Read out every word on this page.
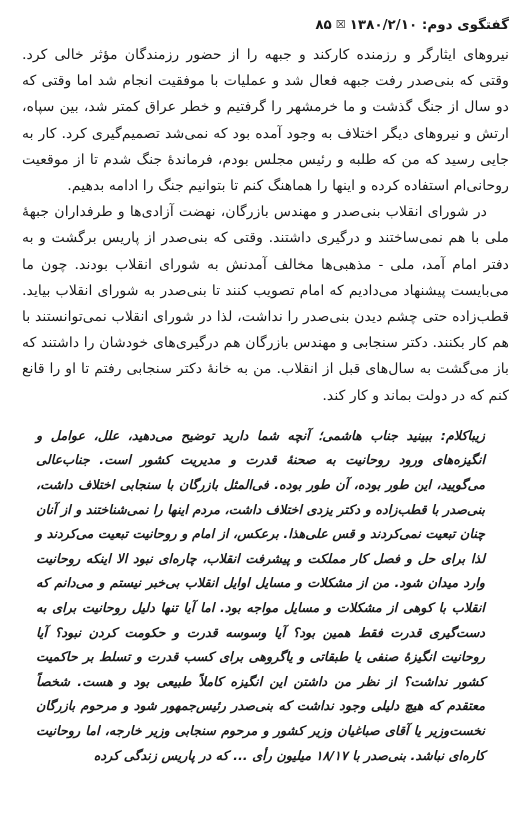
گفتگوی دوم: ۱۳۸۰/۲/۱۰
☒
۸۵

نیروهای ایثارگر و رزمنده کارکند و جبهه را از حضور رزمندگان مؤثر خالی کرد. وقتی که بنی‌صدر رفت جبهه فعال شد و عملیات با موفقیت انجام شد اما وقتی که دو سال از جنگ گذشت و ما خرمشهر را گرفتیم و خطر عراق کمتر شد، بین سپاه، ارتش و نیروهای دیگر اختلاف به وجود آمده بود که نمی‌شد تصمیم‌گیری کرد. کار به جایی رسید که من که طلبه و رئیس مجلس بودم، فرماندهٔ جنگ شدم تا از موقعیت روحانی‌ام استفاده کرده و اینها را هماهنگ کنم تا بتوانیم جنگ را ادامه بدهیم.

در شورای انقلاب بنی‌صدر و مهندس بازرگان، نهضت آزادی‌ها و طرفداران جبههٔ ملی با هم نمی‌ساختند و درگیری داشتند. وقتی که بنی‌صدر از پاریس برگشت و به دفتر امام آمد، ملی - مذهبی‌ها مخالف آمدنش به شورای انقلاب بودند. چون ما می‌بایست پیشنهاد می‌دادیم که امام تصویب کنند تا بنی‌صدر به شورای انقلاب بیاید. قطب‌زاده حتی چشم دیدن بنی‌صدر را نداشت، لذا در شورای انقلاب نمی‌توانستند با هم کار بکنند. دکتر سنجابی و مهندس بازرگان هم درگیری‌های خودشان را داشتند که باز می‌گشت به سال‌های قبل از انقلاب. من به خانهٔ دکتر سنجابی رفتم تا او را قانع کنم که در دولت بماند و کار کند.

زیباکلام: ببینید جناب هاشمی؛ آنچه شما دارید توضیح می‌دهید، علل، عوامل و انگیزه‌های ورود روحانیت به صحنهٔ قدرت و مدیریت کشور است. جناب‌عالی می‌گویید، این طور بوده، آن طور بوده. فی‌المثل بازرگان با سنجابی اختلاف داشت، بنی‌صدر با قطب‌زاده و دکتر یزدی اختلاف داشت، مردم اینها را نمی‌شناختند و از آنان چنان تبعیت نمی‌کردند و قس علی‌هذا. برعکس، از امام و روحانیت تبعیت می‌کردند و لذا برای حل و فصل کار مملکت و پیشرفت انقلاب، چاره‌ای نبود الا اینکه روحانیت وارد میدان شود. من از مشکلات و مسایل اوایل انقلاب بی‌خبر نیستم و می‌دانم که انقلاب با کوهی از مشکلات و مسایل مواجه بود. اما آیا تنها دلیل روحانیت برای به دست‌گیری قدرت فقط همین بود؟ آیا وسوسه قدرت و حکومت کردن نبود؟ آیا روحانیت انگیزهٔ صنفی یا طبقاتی و یاگروهی برای کسب قدرت و تسلط بر حاکمیت کشور نداشت؟ از نظر من داشتن این انگیزه کاملاً طبیعی بود و هست. شخصاً معتقدم که هیچ دلیلی وجود نداشت که بنی‌صدر رئیس‌جمهور شود و مرحوم بازرگان نخست‌وزیر یا آقای صباغیان وزیر کشور و مرحوم سنجابی وزیر خارجه، اما روحانیت کاره‌ای نباشد. بنی‌صدر با ۱۸/۱۷ میلیون رأی ... که در پاریس زندگی کرده
